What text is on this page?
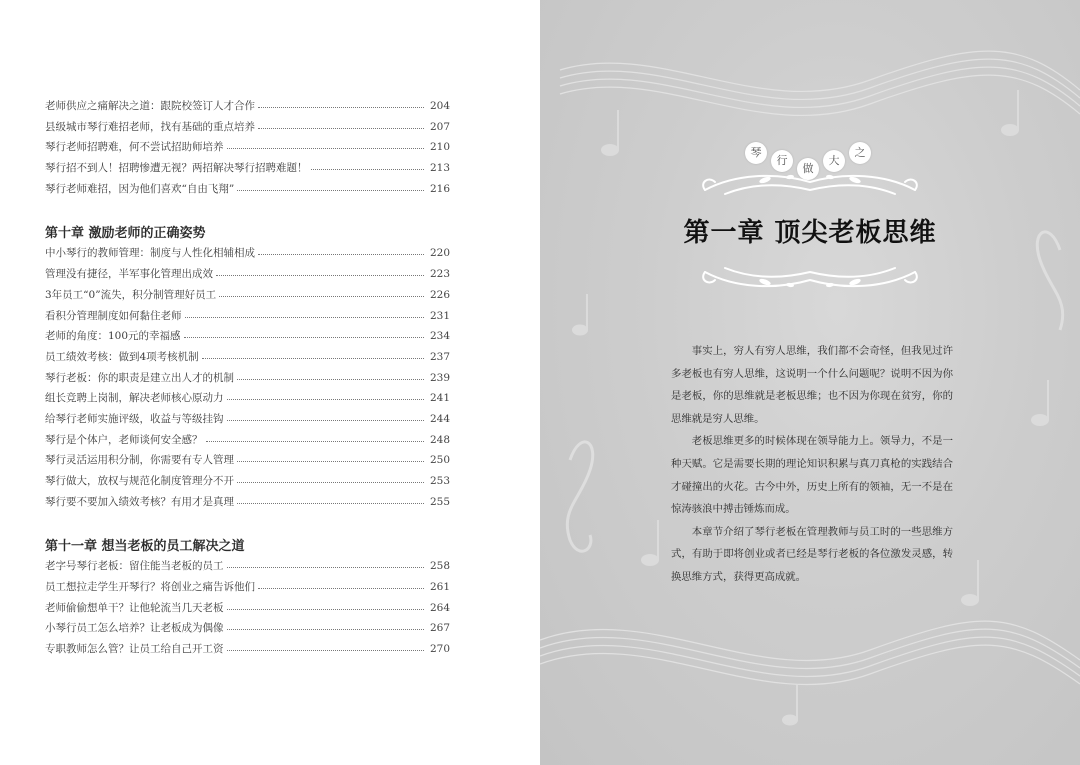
老师供应之痛解决之道：跟院校签订人才合作	204
县级城市琴行难招老师，找有基础的重点培养	207
琴行老师招聘难，何不尝试招助师培养	210
琴行招不到人！招聘惨遭无视？两招解决琴行招聘难题！	213
琴行老师难招，因为他们喜欢“自由飞翔”	216
第十章 激励老师的正确姿势
中小琴行的教师管理：制度与人性化相辅相成	220
管理没有捷径，半军事化管理出成效	223
3年员工“0”流失，积分制管理好员工	226
看积分管理制度如何黏住老师	231
老师的角度：100元的幸福感	234
员工绩效考核：做到4项考核机制	237
琴行老板：你的职责是建立出人才的机制	239
组长竞聘上岗制，解决老师核心原动力	241
给琴行老师实施评级，收益与等级挂钩	244
琴行是个体户，老师谈何安全感？	248
琴行灵活运用积分制，你需要有专人管理	250
琴行做大，放权与规范化制度管理分不开	253
琴行要不要加入绩效考核？有用才是真理	255
第十一章 想当老板的员工解决之道
老字号琴行老板：留住能当老板的员工	258
员工想拉走学生开琴行？将创业之痛告诉他们	261
老师偷偷想单干？让他轮流当几天老板	264
小琴行员工怎么培养？让老板成为偶像	267
专职教师怎么管？让员工给自己开工资	270
琴
行
做
大
之
第一章 顶尖老板思维

事实上，穷人有穷人思维，我们都不会奇怪，但我见过许多老板也有穷人思维，这说明一个什么问题呢？说明不因为你是老板，你的思维就是老板思维；也不因为你现在贫穷，你的思维就是穷人思维。

老板思维更多的时候体现在领导能力上。领导力，不是一种天赋。它是需要长期的理论知识积累与真刀真枪的实践结合才碰撞出的火花。古今中外，历史上所有的领袖，无一不是在惊涛骇浪中搏击锤炼而成。

本章节介绍了琴行老板在管理教师与员工时的一些思维方式，有助于即将创业或者已经是琴行老板的各位激发灵感，转换思维方式，获得更高成就。
